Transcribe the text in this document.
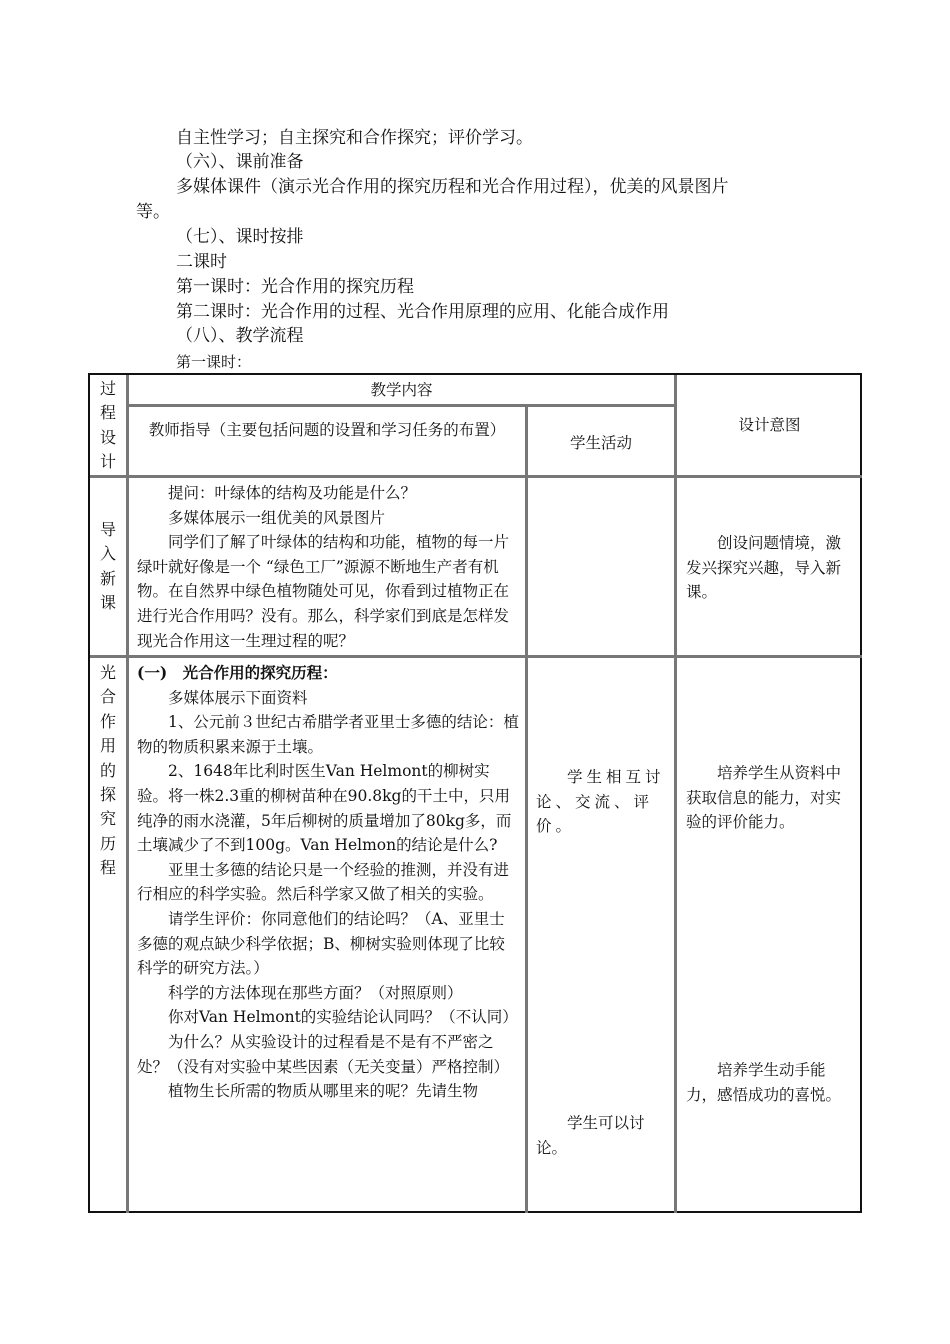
自主性学习；自主探究和合作探究；评价学习。
（六）、课前准备
多媒体课件（演示光合作用的探究历程和光合作用过程），优美的风景图片
等。
（七）、课时按排
二课时
第一课时：光合作用的探究历程
第二课时：光合作用的过程、光合作用原理的应用、化能合成作用
（八）、教学流程
第一课时：
过程设计
教学内容
教师指导（主要包括问题的设置和学习任务的布置）
学生活动
设计意图
导入新课

提问：叶绿体的结构及功能是什么？

多媒体展示一组优美的风景图片

同学们了解了叶绿体的结构和功能，植物的每一片绿叶就好像是一个 “绿色工厂”源源不断地生产者有机物。在自然界中绿色植物随处可见，你看到过植物正在进行光合作用吗？没有。那么，科学家们到底是怎样发现光合作用这一生理过程的呢？

创设问题情境，激发兴探究兴趣，导入新课。

光合作用的探究历程

(一)　光合作用的探究历程：

多媒体展示下面资料

1、公元前３世纪古希腊学者亚里士多德的结论：植物的物质积累来源于土壤。

2、1648年比利时医生Van Helmont的柳树实验。将一株2.3重的柳树苗种在90.8kg的干土中，只用纯净的雨水浇灌，5年后柳树的质量增加了80kg多，而土壤减少了不到100g。Van Helmon的结论是什么?

亚里士多德的结论只是一个经验的推测，并没有进行相应的科学实验。然后科学家又做了相关的实验。

请学生评价：你同意他们的结论吗？（A、亚里士多德的观点缺少科学依据；B、柳树实验则体现了比较科学的研究方法。）

科学的方法体现在那些方面？（对照原则）

你对Van Helmont的实验结论认同吗？（不认同）

为什么？从实验设计的过程看是不是有不严密之处？（没有对实验中某些因素（无关变量）严格控制）

植物生长所需的物质从哪里来的呢？先请生物

学生相互讨论、交流、评价。

学生可以讨论。

培养学生从资料中获取信息的能力，对实验的评价能力。

培养学生动手能力，感悟成功的喜悦。
